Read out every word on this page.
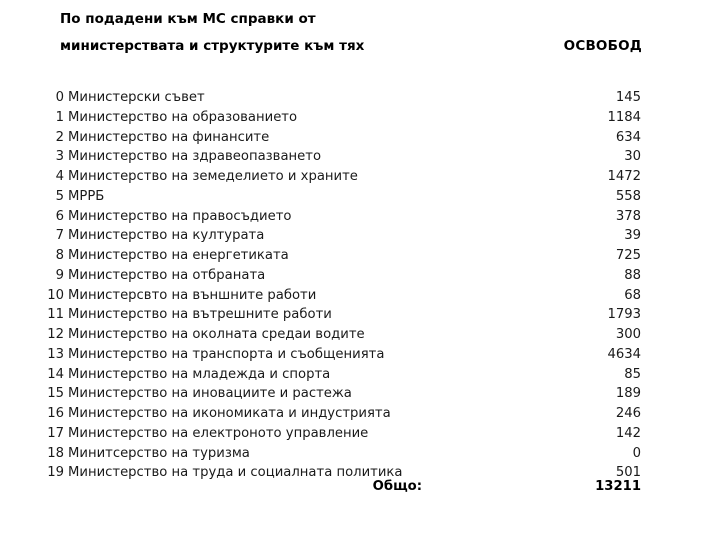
По подадени към МС справки от
министерствата и структурите към тях	ОСВОБОД
0 Министерски съвет	145
1 Министерство на образованието	1184
2 Министерство на финансите	634
3 Министерство на здравеопазването	30
4 Министерство на земеделието и храните	1472
5 МРРБ	558
6 Министерство на правосъдието	378
7 Министерство на културата	39
8 Министерство на енергетиката	725
9 Министерство на отбраната	88
10 Министерсвто на външните работи	68
11 Министерство на вътрешните работи	1793
12 Министерство на околната средаи водите	300
13 Министерство на транспорта и съобщенията	4634
14 Министерство на младежда и спорта	85
15 Министерство на иновациите и растежа	189
16 Министерство на икономиката и индустрията	246
17 Министерство на електроното управление	142
18 Минитсерство на туризма	0
19 Министерство на труда и социалната политика	501
Общо:	13211
